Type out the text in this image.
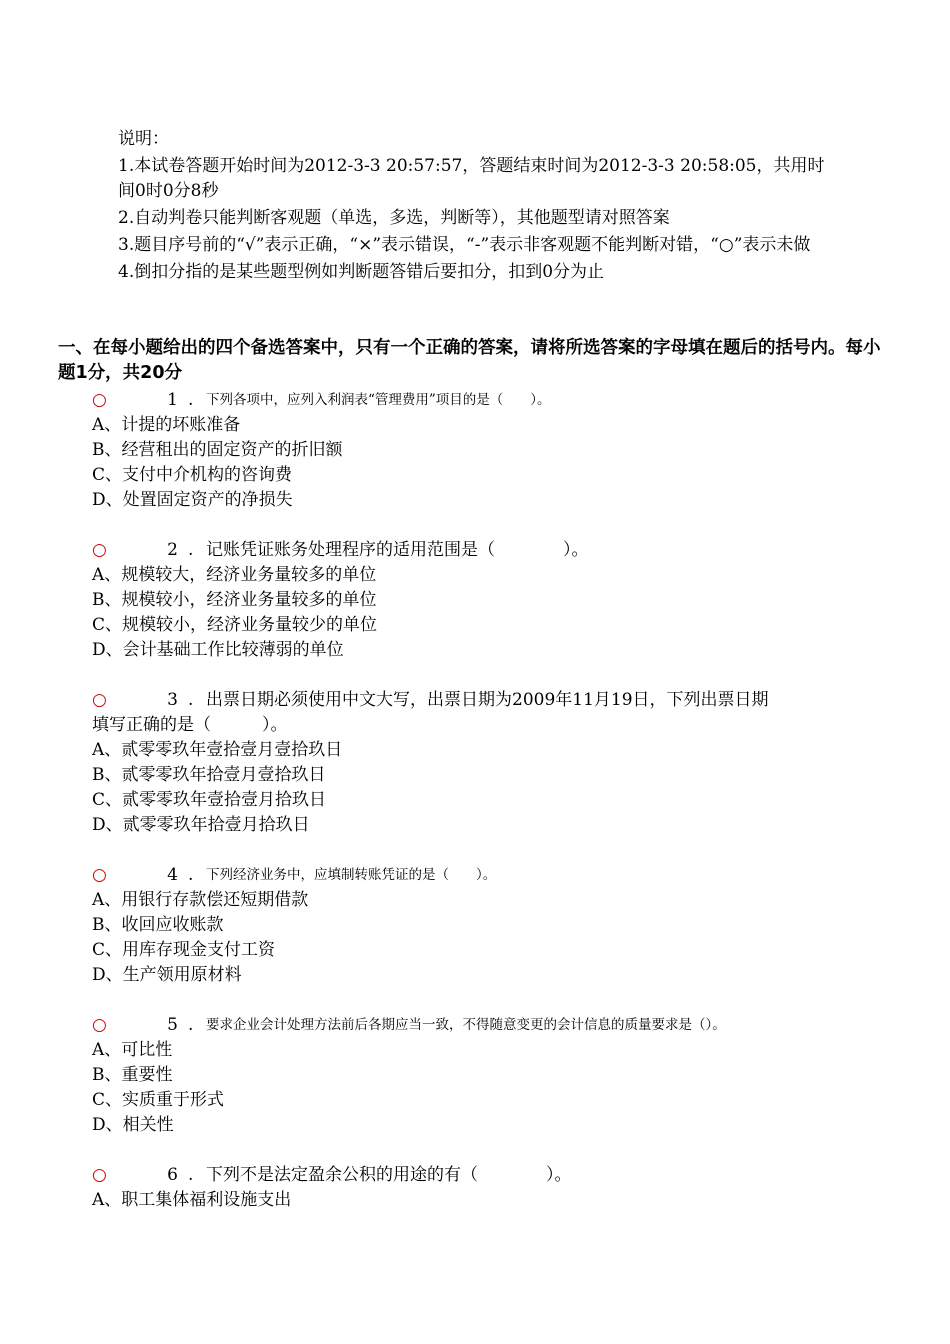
说明：
1.本试卷答题开始时间为2012-3-3 20:57:57，答题结束时间为2012-3-3 20:58:05，共用时间0时0分8秒
2.自动判卷只能判断客观题（单选，多选，判断等），其他题型请对照答案
3.题目序号前的“√”表示正确，“×”表示错误，“-”表示非客观题不能判断对错，“○”表示未做
4.倒扣分指的是某些题型例如判断题答错后要扣分，扣到0分为止
一、在每小题给出的四个备选答案中，只有一个正确的答案，请将所选答案的字母填在题后的括号内。每小题1分，共20分
○	1 . 下列各项中，应列入利润表“管理费用”项目的是（　　）。
A、计提的坏账准备
B、经营租出的固定资产的折旧额
C、支付中介机构的咨询费
D、处置固定资产的净损失
○	2 . 记账凭证账务处理程序的适用范围是（　　　　）。
A、规模较大，经济业务量较多的单位
B、规模较小，经济业务量较多的单位
C、规模较小，经济业务量较少的单位
D、会计基础工作比较薄弱的单位
○	3 . 出票日期必须使用中文大写，出票日期为2009年11月19日，下列出票日期
填写正确的是（　　　）。
A、贰零零玖年壹拾壹月壹拾玖日
B、贰零零玖年拾壹月壹拾玖日
C、贰零零玖年壹拾壹月拾玖日
D、贰零零玖年拾壹月拾玖日
○	4 . 下列经济业务中，应填制转账凭证的是（　　）。
A、用银行存款偿还短期借款
B、收回应收账款
C、用库存现金支付工资
D、生产领用原材料
○	5 . 要求企业会计处理方法前后各期应当一致，不得随意变更的会计信息的质量要求是（）。
A、可比性
B、重要性
C、实质重于形式
D、相关性
○	6 . 下列不是法定盈余公积的用途的有（　　　　）。
A、职工集体福利设施支出
